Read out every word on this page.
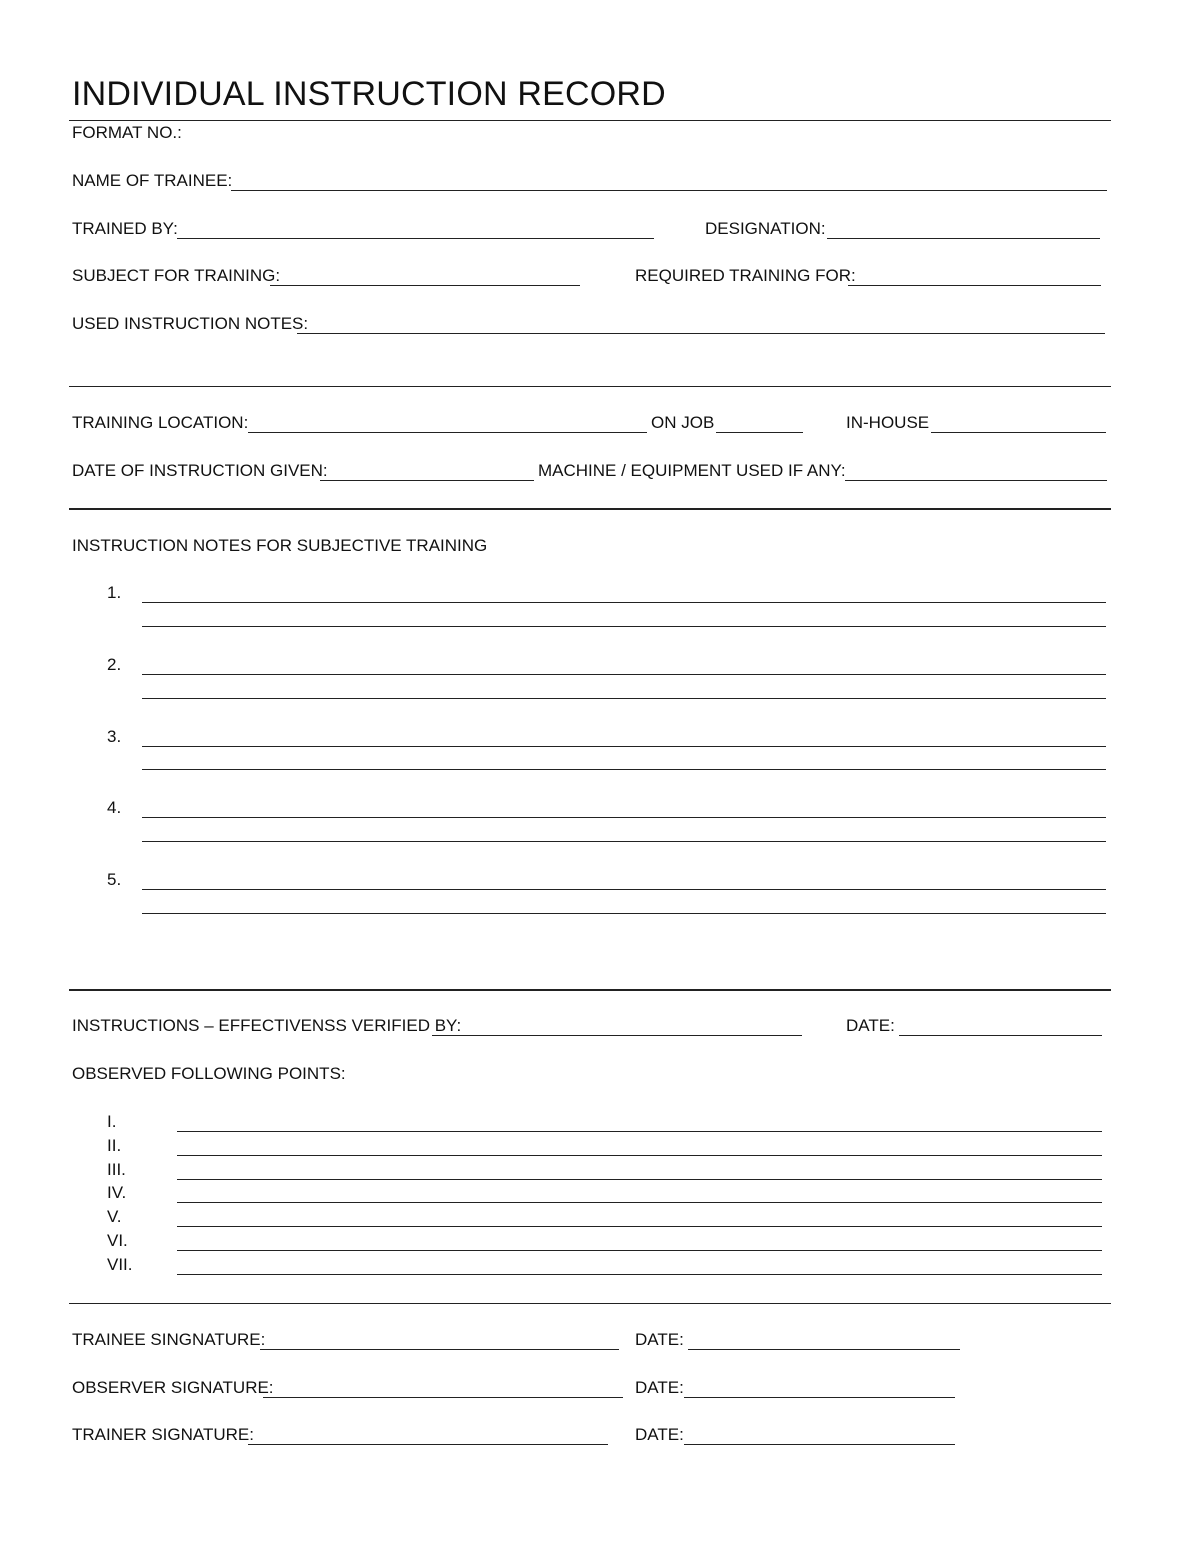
INDIVIDUAL INSTRUCTION RECORD
FORMAT NO.:
NAME OF TRAINEE:
TRAINED BY:	DESIGNATION:
SUBJECT FOR TRAINING:	REQUIRED TRAINING FOR:
USED INSTRUCTION NOTES:
TRAINING LOCATION:	ON JOB	IN-HOUSE
DATE OF INSTRUCTION GIVEN:	MACHINE / EQUIPMENT USED IF ANY:
INSTRUCTION NOTES FOR SUBJECTIVE TRAINING
1.
2.
3.
4.
5.
INSTRUCTIONS – EFFECTIVENSS VERIFIED BY:	DATE:
OBSERVED FOLLOWING POINTS:
I.
II.
III.
IV.
V.
VI.
VII.
TRAINEE SINGNATURE:	DATE:
OBSERVER SIGNATURE:	DATE:
TRAINER SIGNATURE:	DATE:
